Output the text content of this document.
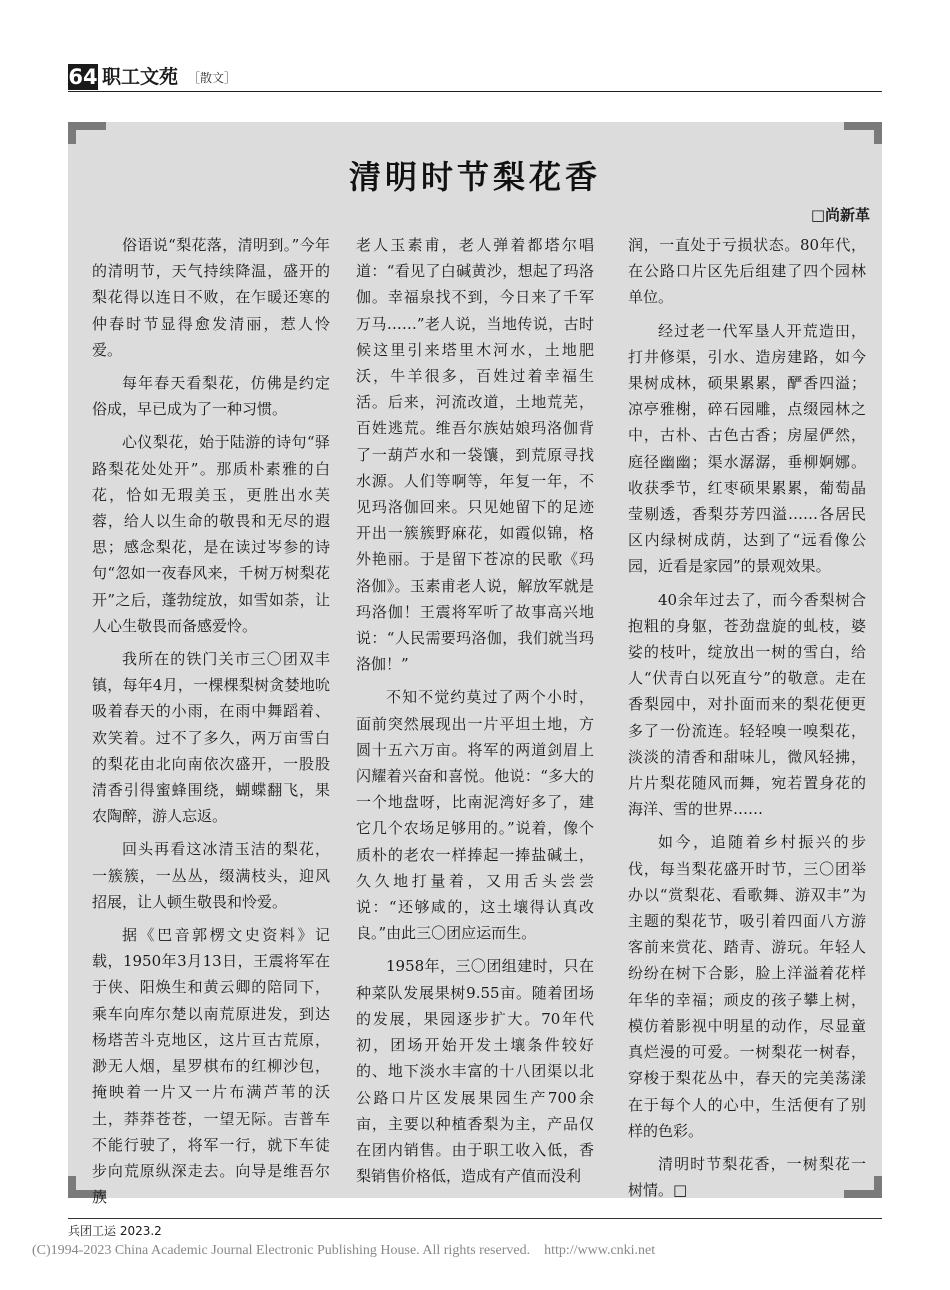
64 职工文苑 ［散文］
清明时节梨花香
□尚新革

俗语说“梨花落，清明到。”今年的清明节，天气持续降温，盛开的梨花得以连日不败，在乍暖还寒的仲春时节显得愈发清丽，惹人怜爱。

每年春天看梨花，仿佛是约定俗成，早已成为了一种习惯。

心仪梨花，始于陆游的诗句“驿路梨花处处开”。那质朴素雅的白花，恰如无瑕美玉，更胜出水芙蓉，给人以生命的敬畏和无尽的遐思；感念梨花，是在读过岑参的诗句“忽如一夜春风来，千树万树梨花开”之后，蓬勃绽放，如雪如荼，让人心生敬畏而备感爱怜。

我所在的铁门关市三〇团双丰镇，每年4月，一棵棵梨树贪婪地吮吸着春天的小雨，在雨中舞蹈着、欢笑着。过不了多久，两万亩雪白的梨花由北向南依次盛开，一股股清香引得蜜蜂围绕，蝴蝶翻飞，果农陶醉，游人忘返。

回头再看这冰清玉洁的梨花，一簇簇，一丛丛，缀满枝头，迎风招展，让人顿生敬畏和怜爱。

据《巴音郭楞文史资料》记载，1950年3月13日，王震将军在于侠、阳焕生和黄云卿的陪同下，乘车向库尔楚以南荒原进发，到达杨塔苦斗克地区，这片亘古荒原，渺无人烟，星罗棋布的红柳沙包，掩映着一片又一片布满芦苇的沃土，莽莽苍苍，一望无际。吉普车不能行驶了，将军一行，就下车徒步向荒原纵深走去。向导是维吾尔族

老人玉素甫，老人弹着都塔尔唱道：“看见了白碱黄沙，想起了玛洛伽。幸福泉找不到，今日来了千军万马……”老人说，当地传说，古时候这里引来塔里木河水，土地肥沃，牛羊很多，百姓过着幸福生活。后来，河流改道，土地荒芜，百姓逃荒。维吾尔族姑娘玛洛伽背了一葫芦水和一袋馕，到荒原寻找水源。人们等啊等，年复一年，不见玛洛伽回来。只见她留下的足迹开出一簇簇野麻花，如霞似锦，格外艳丽。于是留下苍凉的民歌《玛洛伽》。玉素甫老人说，解放军就是玛洛伽！王震将军听了故事高兴地说：“人民需要玛洛伽，我们就当玛洛伽！”

不知不觉约莫过了两个小时，面前突然展现出一片平坦土地，方圆十五六万亩。将军的两道剑眉上闪耀着兴奋和喜悦。他说：“多大的一个地盘呀，比南泥湾好多了，建它几个农场足够用的。”说着，像个质朴的老农一样捧起一捧盐碱土，久久地打量着，又用舌头尝尝说：“还够咸的，这土壤得认真改良。”由此三〇团应运而生。

1958年，三〇团组建时，只在种菜队发展果树9.55亩。随着团场的发展，果园逐步扩大。70年代初，团场开始开发土壤条件较好的、地下淡水丰富的十八团渠以北公路口片区发展果园生产700余亩，主要以种植香梨为主，产品仅在团内销售。由于职工收入低，香梨销售价格低，造成有产值而没利

润，一直处于亏损状态。80年代，在公路口片区先后组建了四个园林单位。

经过老一代军垦人开荒造田，打井修渠，引水、造房建路，如今果树成林，硕果累累，酽香四溢；凉亭雅榭，碎石园雕，点缀园林之中，古朴、古色古香；房屋俨然，庭径幽幽；渠水潺潺，垂柳婀娜。收获季节，红枣硕果累累，葡萄晶莹剔透，香梨芬芳四溢……各居民区内绿树成荫，达到了“远看像公园，近看是家园”的景观效果。

40余年过去了，而今香梨树合抱粗的身躯，苍劲盘旋的虬枝，婆娑的枝叶，绽放出一树的雪白，给人“伏青白以死直兮”的敬意。走在香梨园中，对扑面而来的梨花便更多了一份流连。轻轻嗅一嗅梨花，淡淡的清香和甜味儿，微风轻拂，片片梨花随风而舞，宛若置身花的海洋、雪的世界……

如今，追随着乡村振兴的步伐，每当梨花盛开时节，三〇团举办以“赏梨花、看歌舞、游双丰”为主题的梨花节，吸引着四面八方游客前来赏花、踏青、游玩。年轻人纷纷在树下合影，脸上洋溢着花样年华的幸福；顽皮的孩子攀上树，模仿着影视中明星的动作，尽显童真烂漫的可爱。一树梨花一树春，穿梭于梨花丛中，春天的完美荡漾在于每个人的心中，生活便有了别样的色彩。

清明时节梨花香，一树梨花一树情。□

兵团工运 2023.2
(C)1994-2023 China Academic Journal Electronic Publishing House. All rights reserved. http://www.cnki.net
